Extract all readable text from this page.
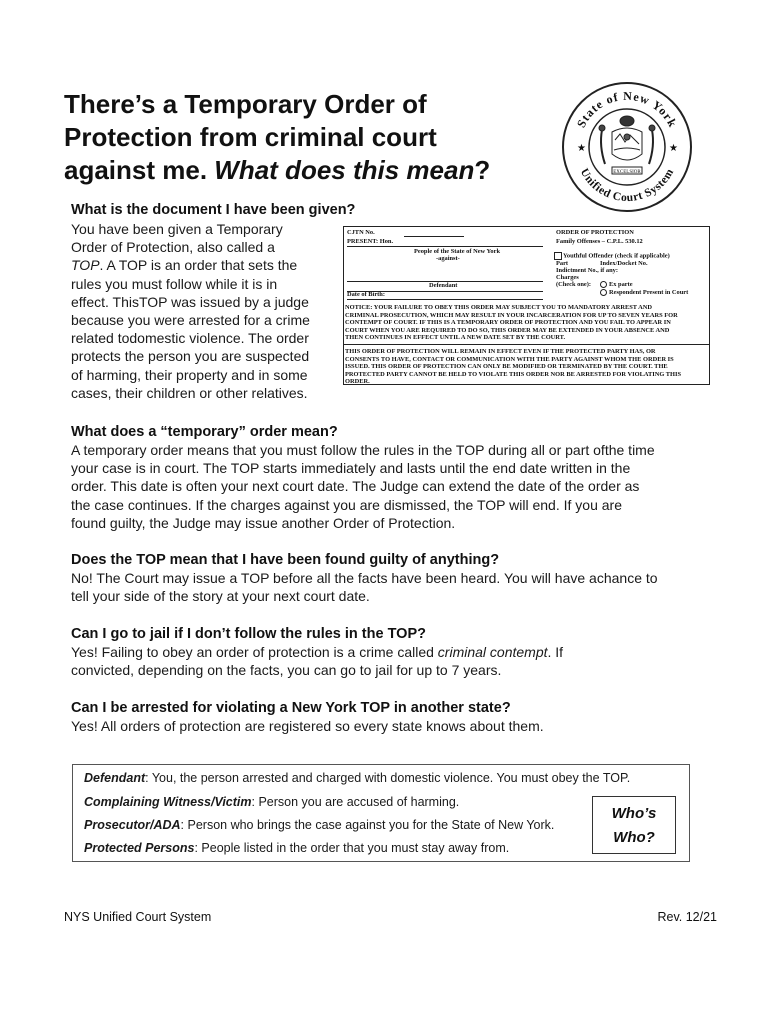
There’s a Temporary Order of
Protection from criminal court
against me. What does this mean?
State of New York
Unified Court System
★	★
EXCELSIOR

What is the document I have been given?

You have been given a Temporary

Order of Protection, also called a

TOP. A TOP is an order that sets the

rules you must follow while it is in

effect. ThisTOP was issued by a judge

because you were arrested for a crime

related todomestic violence. The order

protects the person you are suspected

of harming, their property and in some

cases, their children or other relatives.

CJTN No.
PRESENT: Hon.
People of the State of New York
-against-
Defendant
Date of Birth:
ORDER OF PROTECTION
Family Offenses – C.P.L. 530.12
Youthful Offender (check if applicable)
Part	Index/Docket No.
Indictment No., if any:
Charges
(Check one):	Ex parte
Respondent Present in Court
NOTICE: YOUR FAILURE TO OBEY THIS ORDER MAY SUBJECT YOU TO MANDATORY ARREST AND
CRIMINAL PROSECUTION, WHICH MAY RESULT IN YOUR INCARCERATION FOR UP TO SEVEN YEARS FOR
CONTEMPT OF COURT. IF THIS IS A TEMPORARY ORDER OF PROTECTION AND YOU FAIL TO APPEAR IN
COURT WHEN YOU ARE REQUIRED TO DO SO, THIS ORDER MAY BE EXTENDED IN YOUR ABSENCE AND
THEN CONTINUES IN EFFECT UNTIL A NEW DATE SET BY THE COURT.
THIS ORDER OF PROTECTION WILL REMAIN IN EFFECT EVEN IF THE PROTECTED PARTY HAS, OR
CONSENTS TO HAVE, CONTACT OR COMMUNICATION WITH THE PARTY AGAINST WHOM THE ORDER IS
ISSUED. THIS ORDER OF PROTECTION CAN ONLY BE MODIFIED OR TERMINATED BY THE COURT. THE
PROTECTED PARTY CANNOT BE HELD TO VIOLATE THIS ORDER NOR BE ARRESTED FOR VIOLATING THIS
ORDER.

What does a “temporary” order mean?

A temporary order means that you must follow the rules in the TOP during all or part ofthe time

your case is in court. The TOP starts immediately and lasts until the end date written in the

order. This date is often your next court date. The Judge can extend the date of the order as

the case continues. If the charges against you are dismissed, the TOP will end. If you are

found guilty, the Judge may issue another Order of Protection.

Does the TOP mean that I have been found guilty of anything?

No! The Court may issue a TOP before all the facts have been heard. You will have achance to

tell your side of the story at your next court date.

Can I go to jail if I don’t follow the rules in the TOP?

Yes! Failing to obey an order of protection is a crime called criminal contempt. If

convicted, depending on the facts, you can go to jail for up to 7 years.

Can I be arrested for violating a New York TOP in another state?

Yes! All orders of protection are registered so every state knows about them.

Defendant: You, the person arrested and charged with domestic violence. You must obey the TOP.
Complaining Witness/Victim: Person you are accused of harming.
Prosecutor/ADA: Person who brings the case against you for the State of New York.
Protected Persons: People listed in the order that you must stay away from.
Who’s
Who?
NYS Unified Court System	Rev. 12/21
